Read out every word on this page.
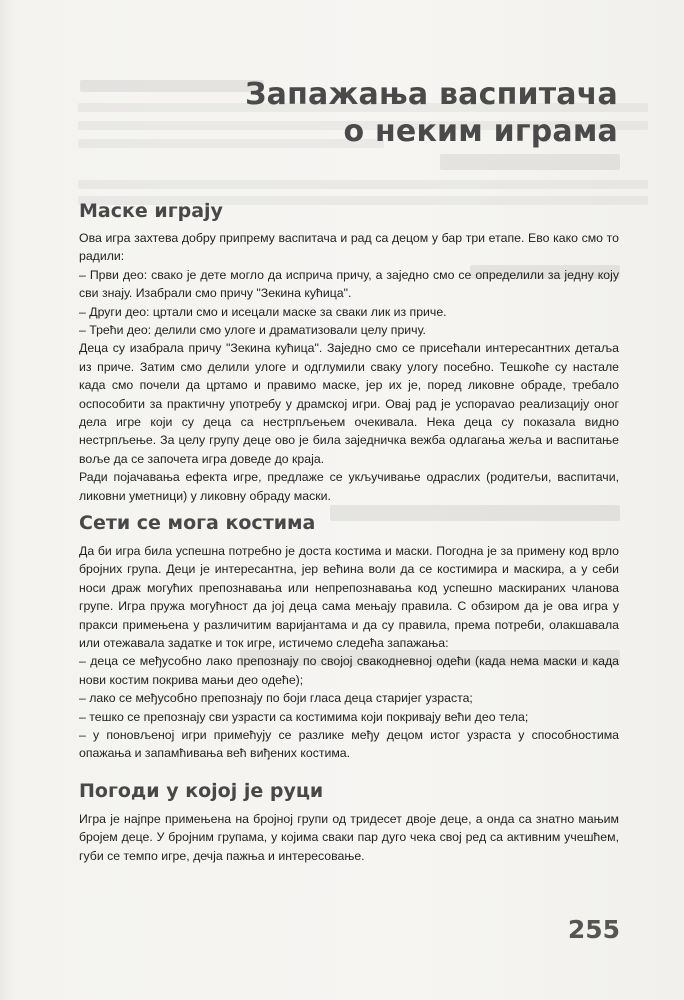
Запажања васпитача
о неким играма
Маске играју

Ова игра захтева добру припрему васпитача и рад са децом у бар три етапе. Ево како смо то радили:

– Први део: свако је дете могло да исприча причу, а заједно смо се определили за једну коју сви знају. Изабрали смо причу "Зекина кућица".

– Други део: цртали смо и исецали маске за сваки лик из приче.

– Трећи део: делили смо улоге и драматизовали целу причу.

Деца су изабрала причу "Зекина кућица". Заједно смо се присећали интересантних детаља из приче. Затим смо делили улоге и одглумили сваку улогу посебно. Тешкоће су настале када смо почели да цртамо и правимо маске, јер их је, поред ликовне обраде, требало оспособити за практичну употребу у драмској игри. Овај рад је успорavao реализацију оног дела игре који су деца са нестрпљењем очекивала. Нека деца су показала видно нестрпљење. За целу групу деце ово је била заједничка вежба одлагања жеља и васпитање воље да се започета игра доведе до краја.

Ради појачавања ефекта игре, предлаже се укључивање одраслих (родитељи, васпитачи, ликовни уметници) у ликовну обраду маски.

Сети се мога костима

Да би игра била успешна потребно је доста костима и маски. Погодна је за примену код врло бројних група. Деци је интересантна, јер већина воли да се костимира и маскира, а у себи носи драж могућих препознавања или непрепознавања код успешно маскираних чланова групе. Игра пружа могућност да јој деца сама мењају правила. С обзиром да је ова игра у пракси примењена у различитим варијантама и да су правила, према потреби, олакшавала или отежавала задатке и ток игре, истичемо следећа запажања:

– деца се међусобно лако препознају по својој свакодневној одећи (када нема маски и када нови костим покрива мањи део одеће);

– лако се међусобно препознају по боји гласа деца старијег узраста;

– тешко се препознају сви узрасти са костимима који покривају већи део тела;

– у поновљеној игри примећују се разлике међу децом истог узраста у способностима опажања и запамћивања већ виђених костима.

Погоди у којој је руци

Игра је најпре примењена на бројној групи од тридесет двоје деце, а онда са знатно мањим бројем деце. У бројним групама, у којима сваки пар дуго чека свој ред са активним учешћем, губи се темпо игре, дечја пажња и интересовање.

255
